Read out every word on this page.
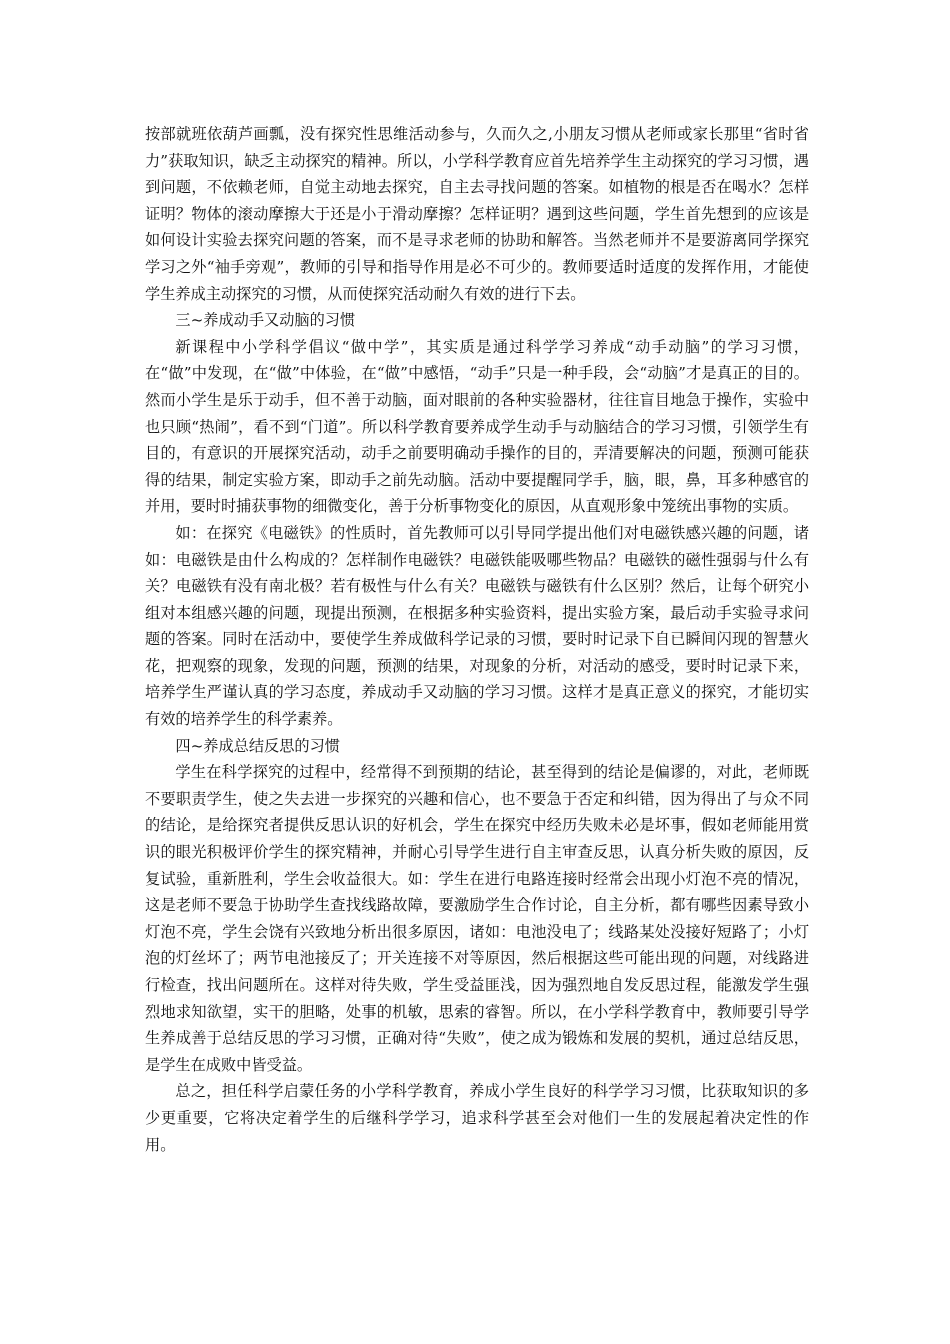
按部就班依葫芦画瓢，没有探究性思维活动参与，久而久之,小朋友习惯从老师或家长那里“省时省力”获取知识，缺乏主动探究的精神。所以，小学科学教育应首先培养学生主动探究的学习习惯，遇到问题，不依赖老师，自觉主动地去探究，自主去寻找问题的答案。如植物的根是否在喝水？怎样证明？物体的滚动摩擦大于还是小于滑动摩擦？怎样证明？遇到这些问题，学生首先想到的应该是如何设计实验去探究问题的答案，而不是寻求老师的协助和解答。当然老师并不是要游离同学探究学习之外“袖手旁观”，教师的引导和指导作用是必不可少的。教师要适时适度的发挥作用，才能使学生养成主动探究的习惯，从而使探究活动耐久有效的进行下去。

三~养成动手又动脑的习惯

新课程中小学科学倡议“做中学”，其实质是通过科学学习养成“动手动脑”的学习习惯，在“做”中发现，在“做”中体验，在“做”中感悟，“动手”只是一种手段，会“动脑”才是真正的目的。然而小学生是乐于动手，但不善于动脑，面对眼前的各种实验器材，往往盲目地急于操作，实验中也只顾“热闹”，看不到“门道”。所以科学教育要养成学生动手与动脑结合的学习习惯，引领学生有目的，有意识的开展探究活动，动手之前要明确动手操作的目的，弄清要解决的问题，预测可能获得的结果，制定实验方案，即动手之前先动脑。活动中要提醒同学手，脑，眼，鼻，耳多种感官的并用，要时时捕获事物的细微变化，善于分析事物变化的原因，从直观形象中笼统出事物的实质。

如：在探究《电磁铁》的性质时，首先教师可以引导同学提出他们对电磁铁感兴趣的问题，诸如：电磁铁是由什么构成的？怎样制作电磁铁？电磁铁能吸哪些物品？电磁铁的磁性强弱与什么有关？电磁铁有没有南北极？若有极性与什么有关？电磁铁与磁铁有什么区别？然后，让每个研究小组对本组感兴趣的问题，现提出预测，在根据多种实验资料，提出实验方案，最后动手实验寻求问题的答案。同时在活动中，要使学生养成做科学记录的习惯，要时时记录下自已瞬间闪现的智慧火花，把观察的现象，发现的问题，预测的结果，对现象的分析，对活动的感受，要时时记录下来，培养学生严谨认真的学习态度，养成动手又动脑的学习习惯。这样才是真正意义的探究，才能切实有效的培养学生的科学素养。

四~养成总结反思的习惯

学生在科学探究的过程中，经常得不到预期的结论，甚至得到的结论是偏谬的，对此，老师既不要职责学生，使之失去进一步探究的兴趣和信心，也不要急于否定和纠错，因为得出了与众不同的结论，是给探究者提供反思认识的好机会，学生在探究中经历失败未必是坏事，假如老师能用赏识的眼光积极评价学生的探究精神，并耐心引导学生进行自主审查反思，认真分析失败的原因，反复试验，重新胜利，学生会收益很大。如：学生在进行电路连接时经常会出现小灯泡不亮的情况，这是老师不要急于协助学生查找线路故障，要激励学生合作讨论，自主分析，都有哪些因素导致小灯泡不亮，学生会饶有兴致地分析出很多原因，诸如：电池没电了；线路某处没接好短路了；小灯泡的灯丝坏了；两节电池接反了；开关连接不对等原因，然后根据这些可能出现的问题，对线路进行检查，找出问题所在。这样对待失败，学生受益匪浅，因为强烈地自发反思过程，能激发学生强烈地求知欲望，实干的胆略，处事的机敏，思索的睿智。所以，在小学科学教育中，教师要引导学生养成善于总结反思的学习习惯，正确对待“失败”，使之成为锻炼和发展的契机，通过总结反思，是学生在成败中皆受益。

总之，担任科学启蒙任务的小学科学教育，养成小学生良好的科学学习习惯，比获取知识的多少更重要，它将决定着学生的后继科学学习，追求科学甚至会对他们一生的发展起着决定性的作用。
